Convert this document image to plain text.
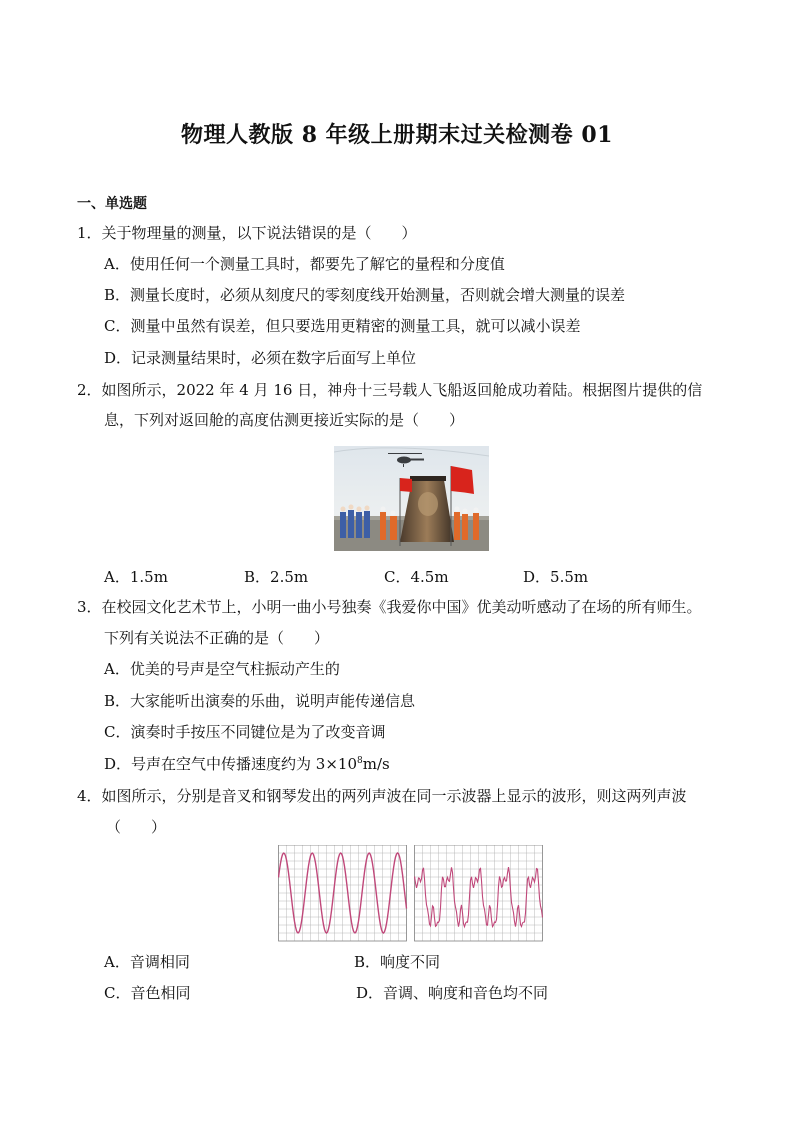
物理人教版 8 年级上册期末过关检测卷 01
一、单选题
1．关于物理量的测量，以下说法错误的是（　　）
A．使用任何一个测量工具时，都要先了解它的量程和分度值
B．测量长度时，必须从刻度尺的零刻度线开始测量，否则就会增大测量的误差
C．测量中虽然有误差，但只要选用更精密的测量工具，就可以减小误差
D．记录测量结果时，必须在数字后面写上单位
2．如图所示，2022 年 4 月 16 日，神舟十三号载人飞船返回舱成功着陆。根据图片提供的信
息，下列对返回舱的高度估测更接近实际的是（　　）
A．1.5m	B．2.5m	C．4.5m	D．5.5m
3．在校园文化艺术节上，小明一曲小号独奏《我爱你中国》优美动听感动了在场的所有师生。
下列有关说法不正确的是（　　）
A．优美的号声是空气柱振动产生的
B．大家能听出演奏的乐曲，说明声能传递信息
C．演奏时手按压不同键位是为了改变音调
D．号声在空气中传播速度约为 $3\times 10^8m/s$
4．如图所示，分别是音叉和钢琴发出的两列声波在同一示波器上显示的波形，则这两列声波
（　　）
A．音调相同	B．响度不同
C．音色相同	D．音调、响度和音色均不同
